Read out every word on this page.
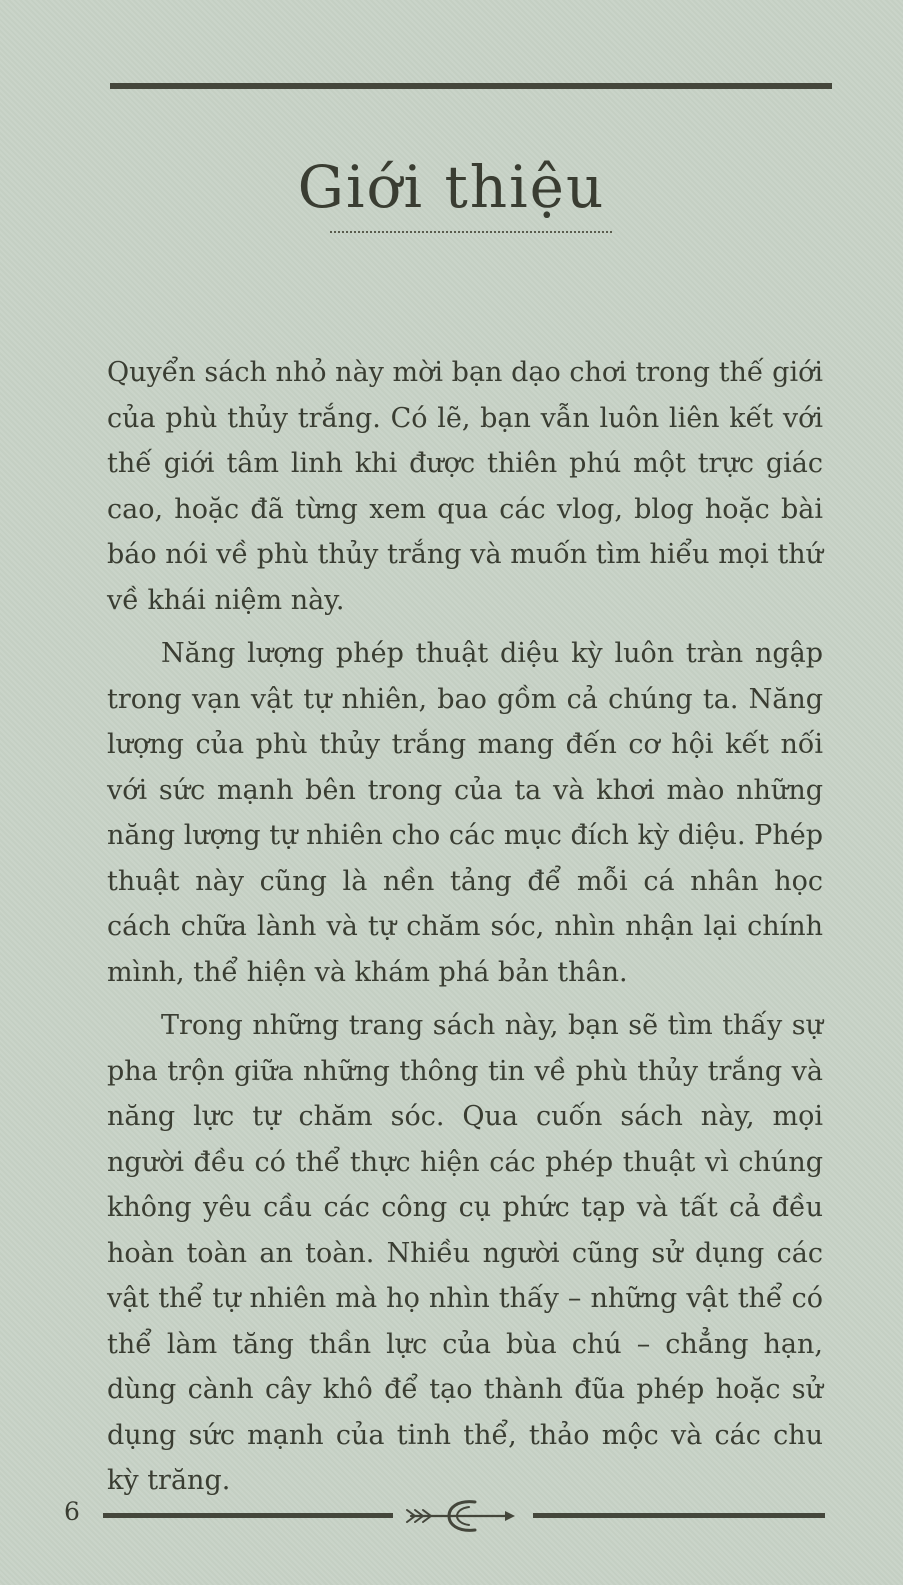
Giới thiệu

Quyển sách nhỏ này mời bạn dạo chơi trong thế giới của phù thủy trắng. Có lẽ, bạn vẫn luôn liên kết với thế giới tâm linh khi được thiên phú một trực giác cao, hoặc đã từng xem qua các vlog, blog hoặc bài báo nói về phù thủy trắng và muốn tìm hiểu mọi thứ về khái niệm này.

Năng lượng phép thuật diệu kỳ luôn tràn ngập trong vạn vật tự nhiên, bao gồm cả chúng ta. Năng lượng của phù thủy trắng mang đến cơ hội kết nối với sức mạnh bên trong của ta và khơi mào những năng lượng tự nhiên cho các mục đích kỳ diệu. Phép thuật này cũng là nền tảng để mỗi cá nhân học cách chữa lành và tự chăm sóc, nhìn nhận lại chính mình, thể hiện và khám phá bản thân.

Trong những trang sách này, bạn sẽ tìm thấy sự pha trộn giữa những thông tin về phù thủy trắng và năng lực tự chăm sóc. Qua cuốn sách này, mọi người đều có thể thực hiện các phép thuật vì chúng không yêu cầu các công cụ phức tạp và tất cả đều hoàn toàn an toàn. Nhiều người cũng sử dụng các vật thể tự nhiên mà họ nhìn thấy – những vật thể có thể làm tăng thần lực của bùa chú – chẳng hạn, dùng cành cây khô để tạo thành đũa phép hoặc sử dụng sức mạnh của tinh thể, thảo mộc và các chu kỳ trăng.

6
